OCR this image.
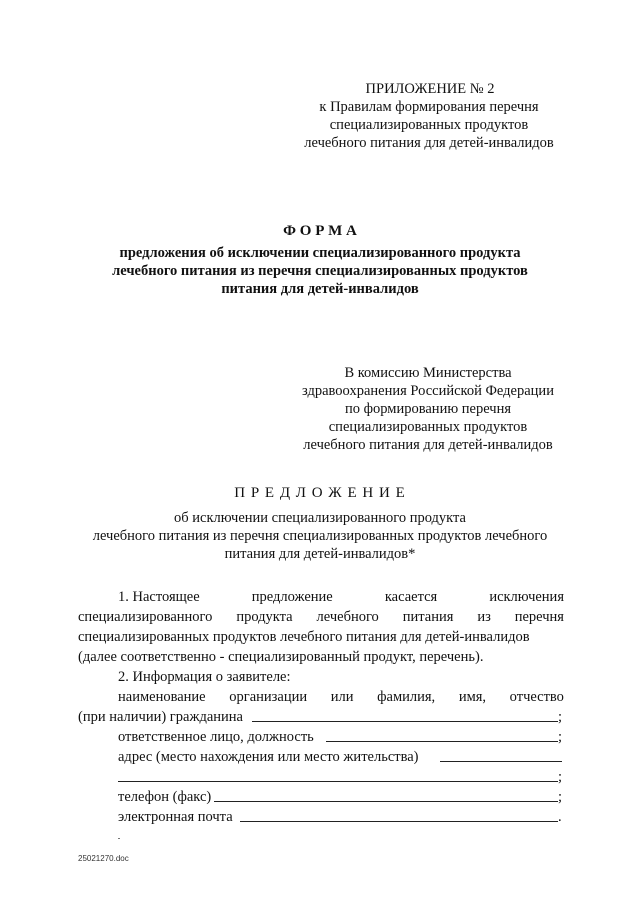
ПРИЛОЖЕНИЕ № 2
к Правилам формирования перечня
специализированных продуктов
лечебного питания для детей-инвалидов
Ф О Р М А
предложения об исключении специализированного продукта
лечебного питания из перечня специализированных продуктов
питания для детей-инвалидов
В комиссию Министерства
здравоохранения Российской Федерации
по формированию перечня
специализированных продуктов
лечебного питания для детей-инвалидов
П Р Е Д Л О Ж Е Н И Е
об исключении специализированного продукта
лечебного питания из перечня специализированных продуктов лечебного
питания для детей-инвалидов*
1. Настоящее	предложение	касается	исключения
специализированного продукта лечебного питания из перечня
специализированных продуктов лечебного питания для детей-инвалидов
(далее соответственно - специализированный продукт, перечень).
2. Информация о заявителе:
наименование организации или фамилия, имя, отчество
(при наличии) гражданина	;
ответственное лицо, должность	;
адрес (место нахождения или место жительства)
;
телефон (факс)	;
электронная почта	.
25021270.doc
